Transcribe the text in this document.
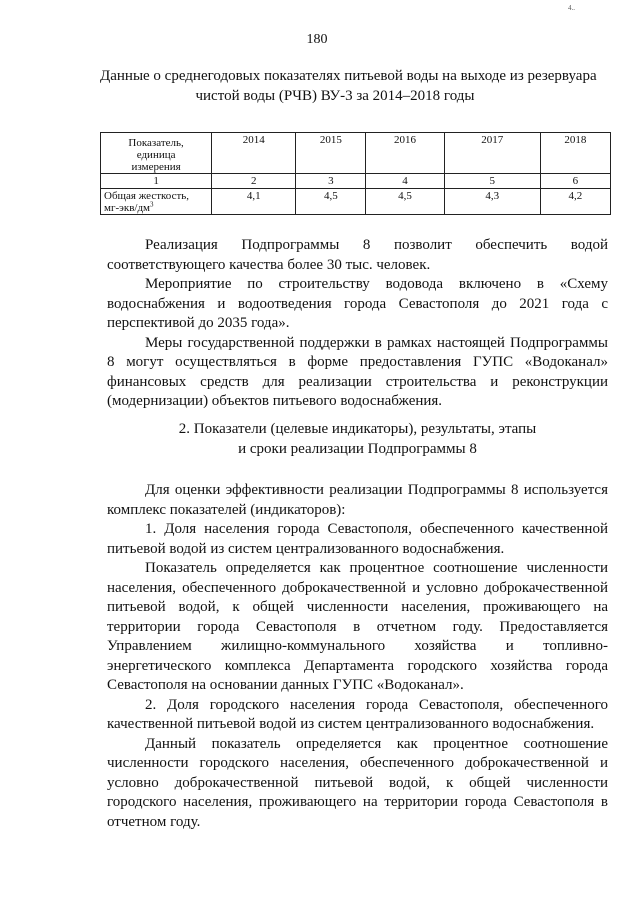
4..
180
Данные о среднегодовых показателях питьевой воды на выходе из резервуара
чистой воды (РЧВ) ВУ-3 за 2014–2018 годы
Показатель,
единица
измерения	2014	2015	2016	2017	2018
1	2	3	4	5	6

Общая жесткость,
$мг-экв/дм^3$	4,1	4,5	4,5	4,3	4,2

Реализация Подпрограммы 8 позволит обеспечить водой соответствующего качества более 30 тыс. человек.

Мероприятие по строительству водовода включено в «Схему водоснабжения и водоотведения города Севастополя до 2021 года с перспективой до 2035 года».

Меры государственной поддержки в рамках настоящей Подпрограммы 8 могут осуществляться в форме предоставления ГУПС «Водоканал» финансовых средств для реализации строительства и реконструкции (модернизации) объектов питьевого водоснабжения.

2. Показатели (целевые индикаторы), результаты, этапы
и сроки реализации Подпрограммы 8

Для оценки эффективности реализации Подпрограммы 8 используется комплекс показателей (индикаторов):

1. Доля населения города Севастополя, обеспеченного качественной питьевой водой из систем централизованного водоснабжения.

Показатель определяется как процентное соотношение численности населения, обеспеченного доброкачественной и условно доброкачественной питьевой водой, к общей численности населения, проживающего на территории города Севастополя в отчетном году. Предоставляется Управлением жилищно-коммунального хозяйства и топливно-энергетического комплекса Департамента городского хозяйства города Севастополя на основании данных ГУПС «Водоканал».

2. Доля городского населения города Севастополя, обеспеченного качественной питьевой водой из систем централизованного водоснабжения.

Данный показатель определяется как процентное соотношение численности городского населения, обеспеченного доброкачественной и условно доброкачественной питьевой водой, к общей численности городского населения, проживающего на территории города Севастополя в отчетном году.
